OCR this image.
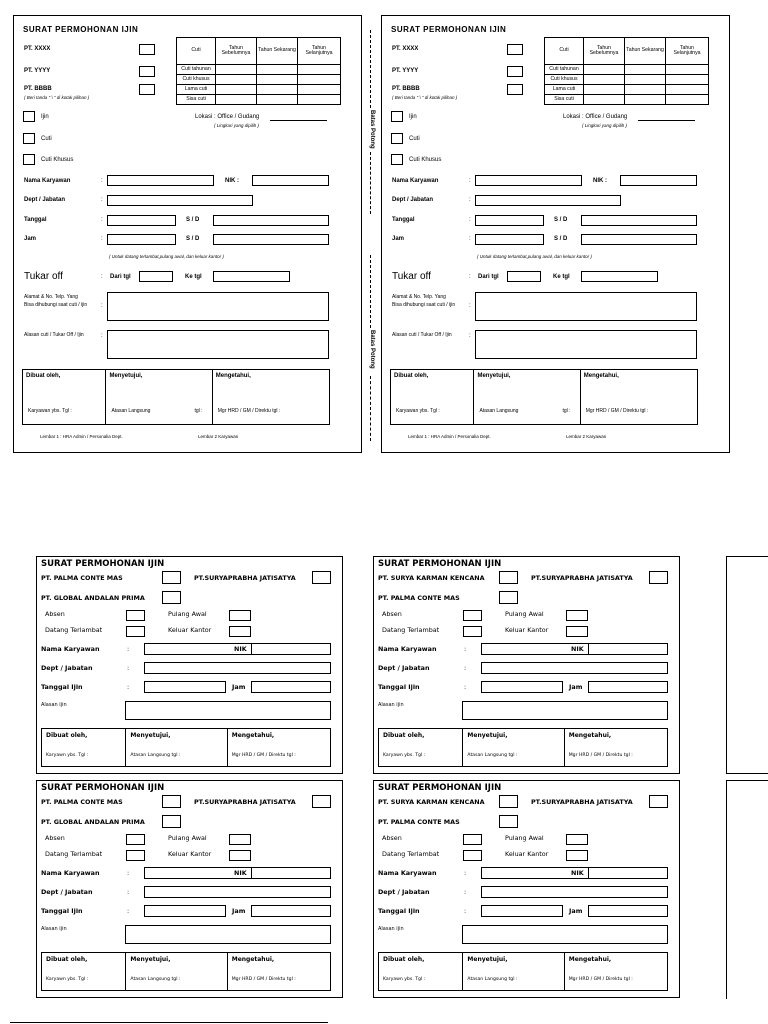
SURAT PERMOHONAN IJIN
PT. XXXX
PT. YYYY
PT. BBBB
( Beri tanda " \ " di kotak pilihan )
Cuti	Tahun Sebelumnya	Tahun Sekarang	Tahun Selanjutnya
Cuti tahunan			
Cuti khusus			
Lama cuti			
Sisa cuti			
Ijin
Cuti
Cuti Khusus
Lokasi : Office / Gudang
( Lingkari yang dipilih )
Nama Karyawan	:	NIK :
Dept / Jabatan	:
Tanggal	:	S / D
Jam	:	S / D
( Untuk datang terlambat,pulang awal, dan keluar kantor )
Tukar off	: Dari tgl	Ke tgl
Alamat & No. Telp. Yang
Bisa dihubungi saat cuti / ijin :
Alasan cuti / Tukar Off / Ijin	:
Dibuat oleh,
Karyawan ybs. Tgl :
Menyetujui,
Atasan Langsung	tgl :
Mengetahui,
Mgr HRD / GM / Direktu tgl :
Lembar 1 : HRA Admin / Personalia Dept.	Lembar 2 Karyawan
SURAT PERMOHONAN IJIN
PT. XXXX
PT. YYYY
PT. BBBB
( Beri tanda " \ " di kotak pilihan )
Cuti	Tahun Sebelumnya	Tahun Sekarang	Tahun Selanjutnya
Cuti tahunan			
Cuti khusus			
Lama cuti			
Sisa cuti			
Ijin
Cuti
Cuti Khusus
Lokasi : Office / Gudang
( Lingkari yang dipilih )
Nama Karyawan	:	NIK :
Dept / Jabatan	:
Tanggal	:	S / D
Jam	:	S / D
( Untuk datang terlambat,pulang awal, dan keluar kantor )
Tukar off	: Dari tgl	Ke tgl
Alamat & No. Telp. Yang
Bisa dihubungi saat cuti / ijin :
Alasan cuti / Tukar Off / Ijin	:
Dibuat oleh,
Karyawan ybs. Tgl :
Menyetujui,
Atasan Langsung	tgl :
Mengetahui,
Mgr HRD / GM / Direktu tgl :
Lembar 1 : HRA Admin / Personalia Dept.	Lembar 2 Karyawan
Batas Potong
Batas Potong
SURAT PERMOHONAN IJIN
PT. PALMA CONTE MAS	PT.SURYAPRABHA JATISATYA
PT. GLOBAL ANDALAN PRIMA
Absen	Pulang Awal
Datang Terlambat	Keluar Kantor
Nama Karyawan	:	NIK
Dept / Jabatan	:
Tanggal Ijin	:	Jam
Alasan ijin
Dibuat oleh,
Karyawn ybs. Tgl :
Menyetujui,
Atasan Langsung tgl :
Mengetahui,
Mgr HRD / GM / Direktu tgl :
SURAT PERMOHONAN IJIN
PT. SURYA KARMAN KENCANA	PT.SURYAPRABHA JATISATYA
PT. PALMA CONTE MAS
Absen	Pulang Awal
Datang Terlambat	Keluar Kantor
Nama Karyawan	:	NIK
Dept / Jabatan	:
Tanggal Ijin	:	Jam
Alasan ijin
Dibuat oleh,
Karyawn ybs. Tgl :
Menyetujui,
Atasan Langsung tgl :
Mengetahui,
Mgr HRD / GM / Direktu tgl :
SURAT PERMOHONAN IJIN
PT. PALMA CONTE MAS	PT.SURYAPRABHA JATISATYA
PT. GLOBAL ANDALAN PRIMA
Absen	Pulang Awal
Datang Terlambat	Keluar Kantor
Nama Karyawan	:	NIK
Dept / Jabatan	:
Tanggal Ijin	:	Jam
Alasan ijin
Dibuat oleh,
Karyawn ybs. Tgl :
Menyetujui,
Atasan Langsung tgl :
Mengetahui,
Mgr HRD / GM / Direktu tgl :
SURAT PERMOHONAN IJIN
PT. SURYA KARMAN KENCANA	PT.SURYAPRABHA JATISATYA
PT. PALMA CONTE MAS
Absen	Pulang Awal
Datang Terlambat	Keluar Kantor
Nama Karyawan	:	NIK
Dept / Jabatan	:
Tanggal Ijin	:	Jam
Alasan ijin
Dibuat oleh,
Karyawn ybs. Tgl :
Menyetujui,
Atasan Langsung tgl :
Mengetahui,
Mgr HRD / GM / Direktu tgl :
